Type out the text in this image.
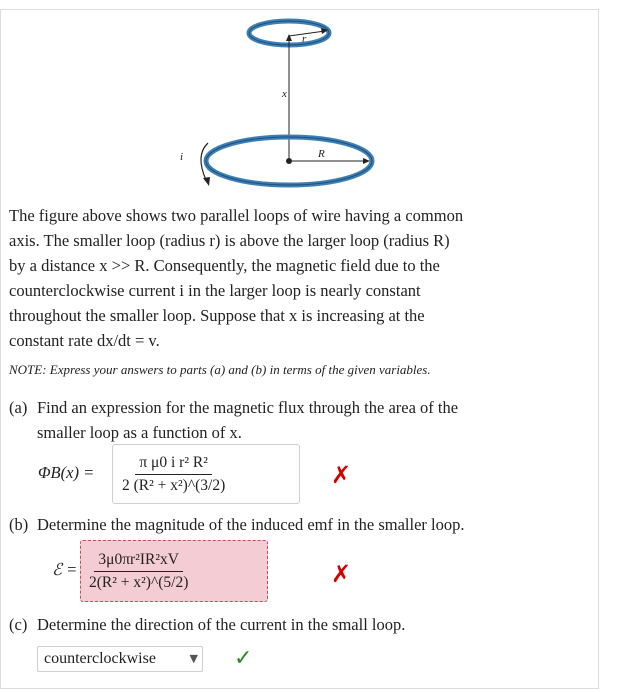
r
x
R
i
The figure above shows two parallel loops of wire having a common
axis. The smaller loop (radius r) is above the larger loop (radius R)
by a distance x >> R. Consequently, the magnetic field due to the
counterclockwise current i in the larger loop is nearly constant
throughout the smaller loop. Suppose that x is increasing at the
constant rate dx/dt = v.
NOTE: Express your answers to parts (a) and (b) in terms of the given variables.
(a) Find an expression for the magnetic flux through the area of the
smaller loop as a function of x.
$\Phi B(x) = \frac{\text{π μ0 i r² R²}}{\text{2 (R² + x²)\textasciicircum{}(3/2)}}$	✗
(b) Determine the magnitude of the induced emf in the smaller loop.
ℰ = $\frac{\text{3μ0πr²IR²xV}}{\text{2(R² + x²)\textasciicircum{}(5/2)}}$	✗
(c) Determine the direction of the current in the small loop.
counterclockwise	▼ ✓
